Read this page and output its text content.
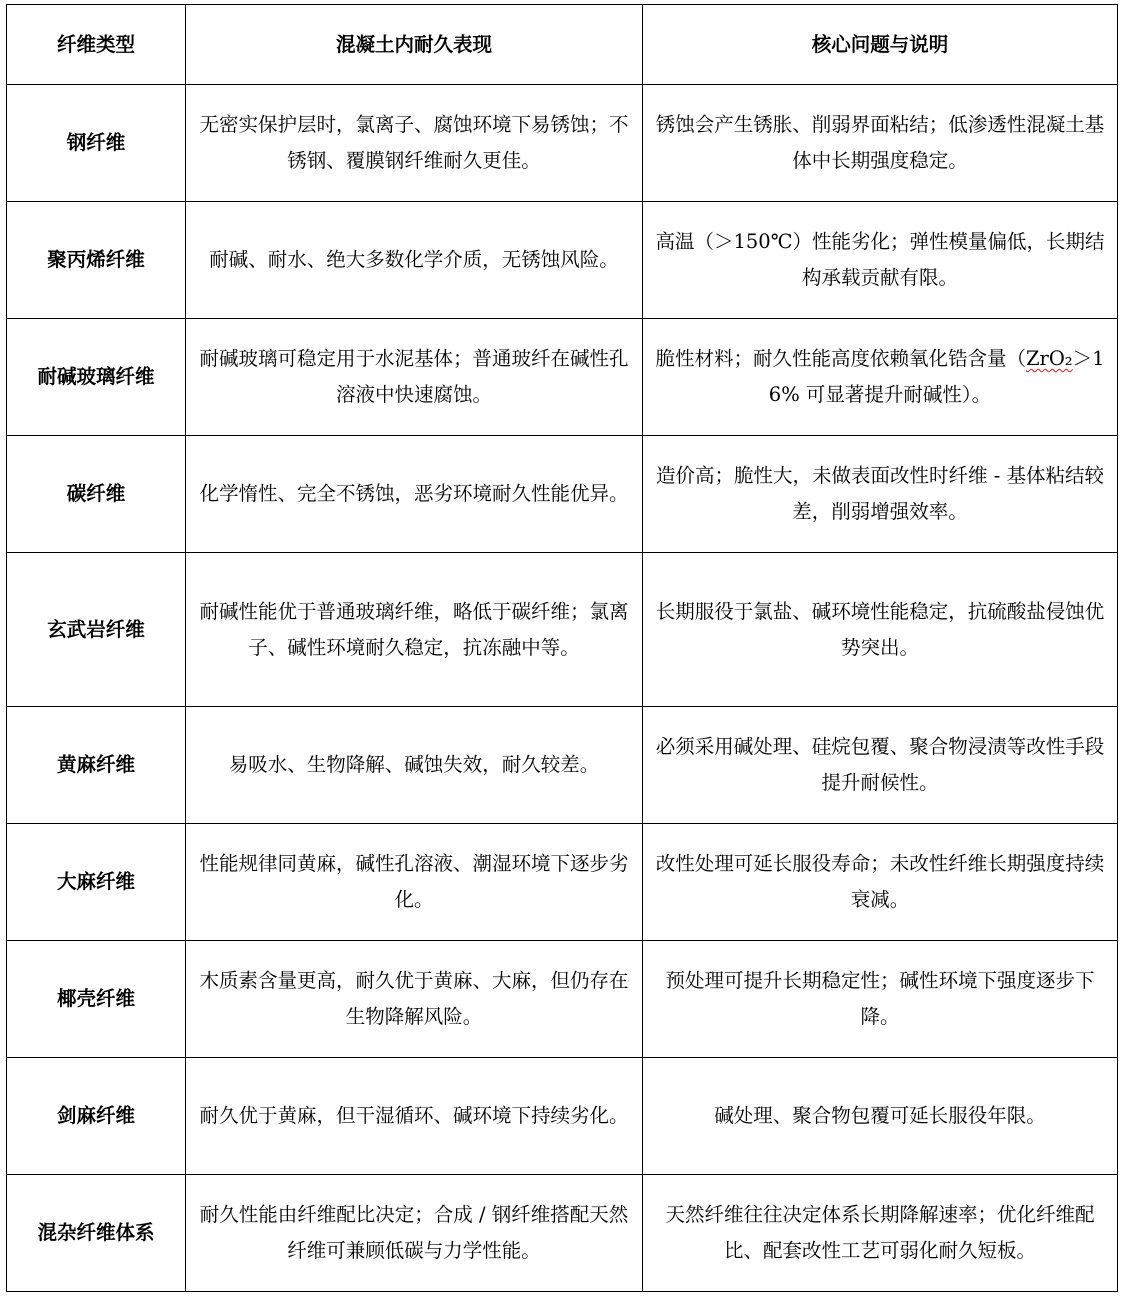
纤维类型	混凝土内耐久表现	核心问题与说明
钢纤维	无密实保护层时，氯离子、腐蚀环境下易锈蚀；不锈钢、覆膜钢纤维耐久更佳。	锈蚀会产生锈胀、削弱界面粘结；低渗透性混凝土基体中长期强度稳定。
聚丙烯纤维	耐碱、耐水、绝大多数化学介质，无锈蚀风险。	高温（＞150℃）性能劣化；弹性模量偏低，长期结构承载贡献有限。
耐碱玻璃纤维	耐碱玻璃可稳定用于水泥基体；普通玻纤在碱性孔溶液中快速腐蚀。	脆性材料；耐久性能高度依赖氧化锆含量（ZrO₂＞16% 可显著提升耐碱性）。
碳纤维	化学惰性、完全不锈蚀，恶劣环境耐久性能优异。	造价高；脆性大，未做表面改性时纤维 - 基体粘结较差，削弱增强效率。
玄武岩纤维	耐碱性能优于普通玻璃纤维，略低于碳纤维；氯离子、碱性环境耐久稳定，抗冻融中等。	长期服役于氯盐、碱环境性能稳定，抗硫酸盐侵蚀优势突出。
黄麻纤维	易吸水、生物降解、碱蚀失效，耐久较差。	必须采用碱处理、硅烷包覆、聚合物浸渍等改性手段提升耐候性。
大麻纤维	性能规律同黄麻，碱性孔溶液、潮湿环境下逐步劣化。	改性处理可延长服役寿命；未改性纤维长期强度持续衰减。
椰壳纤维	木质素含量更高，耐久优于黄麻、大麻，但仍存在生物降解风险。	预处理可提升长期稳定性；碱性环境下强度逐步下降。
剑麻纤维	耐久优于黄麻，但干湿循环、碱环境下持续劣化。	碱处理、聚合物包覆可延长服役年限。
混杂纤维体系	耐久性能由纤维配比决定；合成 / 钢纤维搭配天然纤维可兼顾低碳与力学性能。	天然纤维往往决定体系长期降解速率；优化纤维配比、配套改性工艺可弱化耐久短板。
